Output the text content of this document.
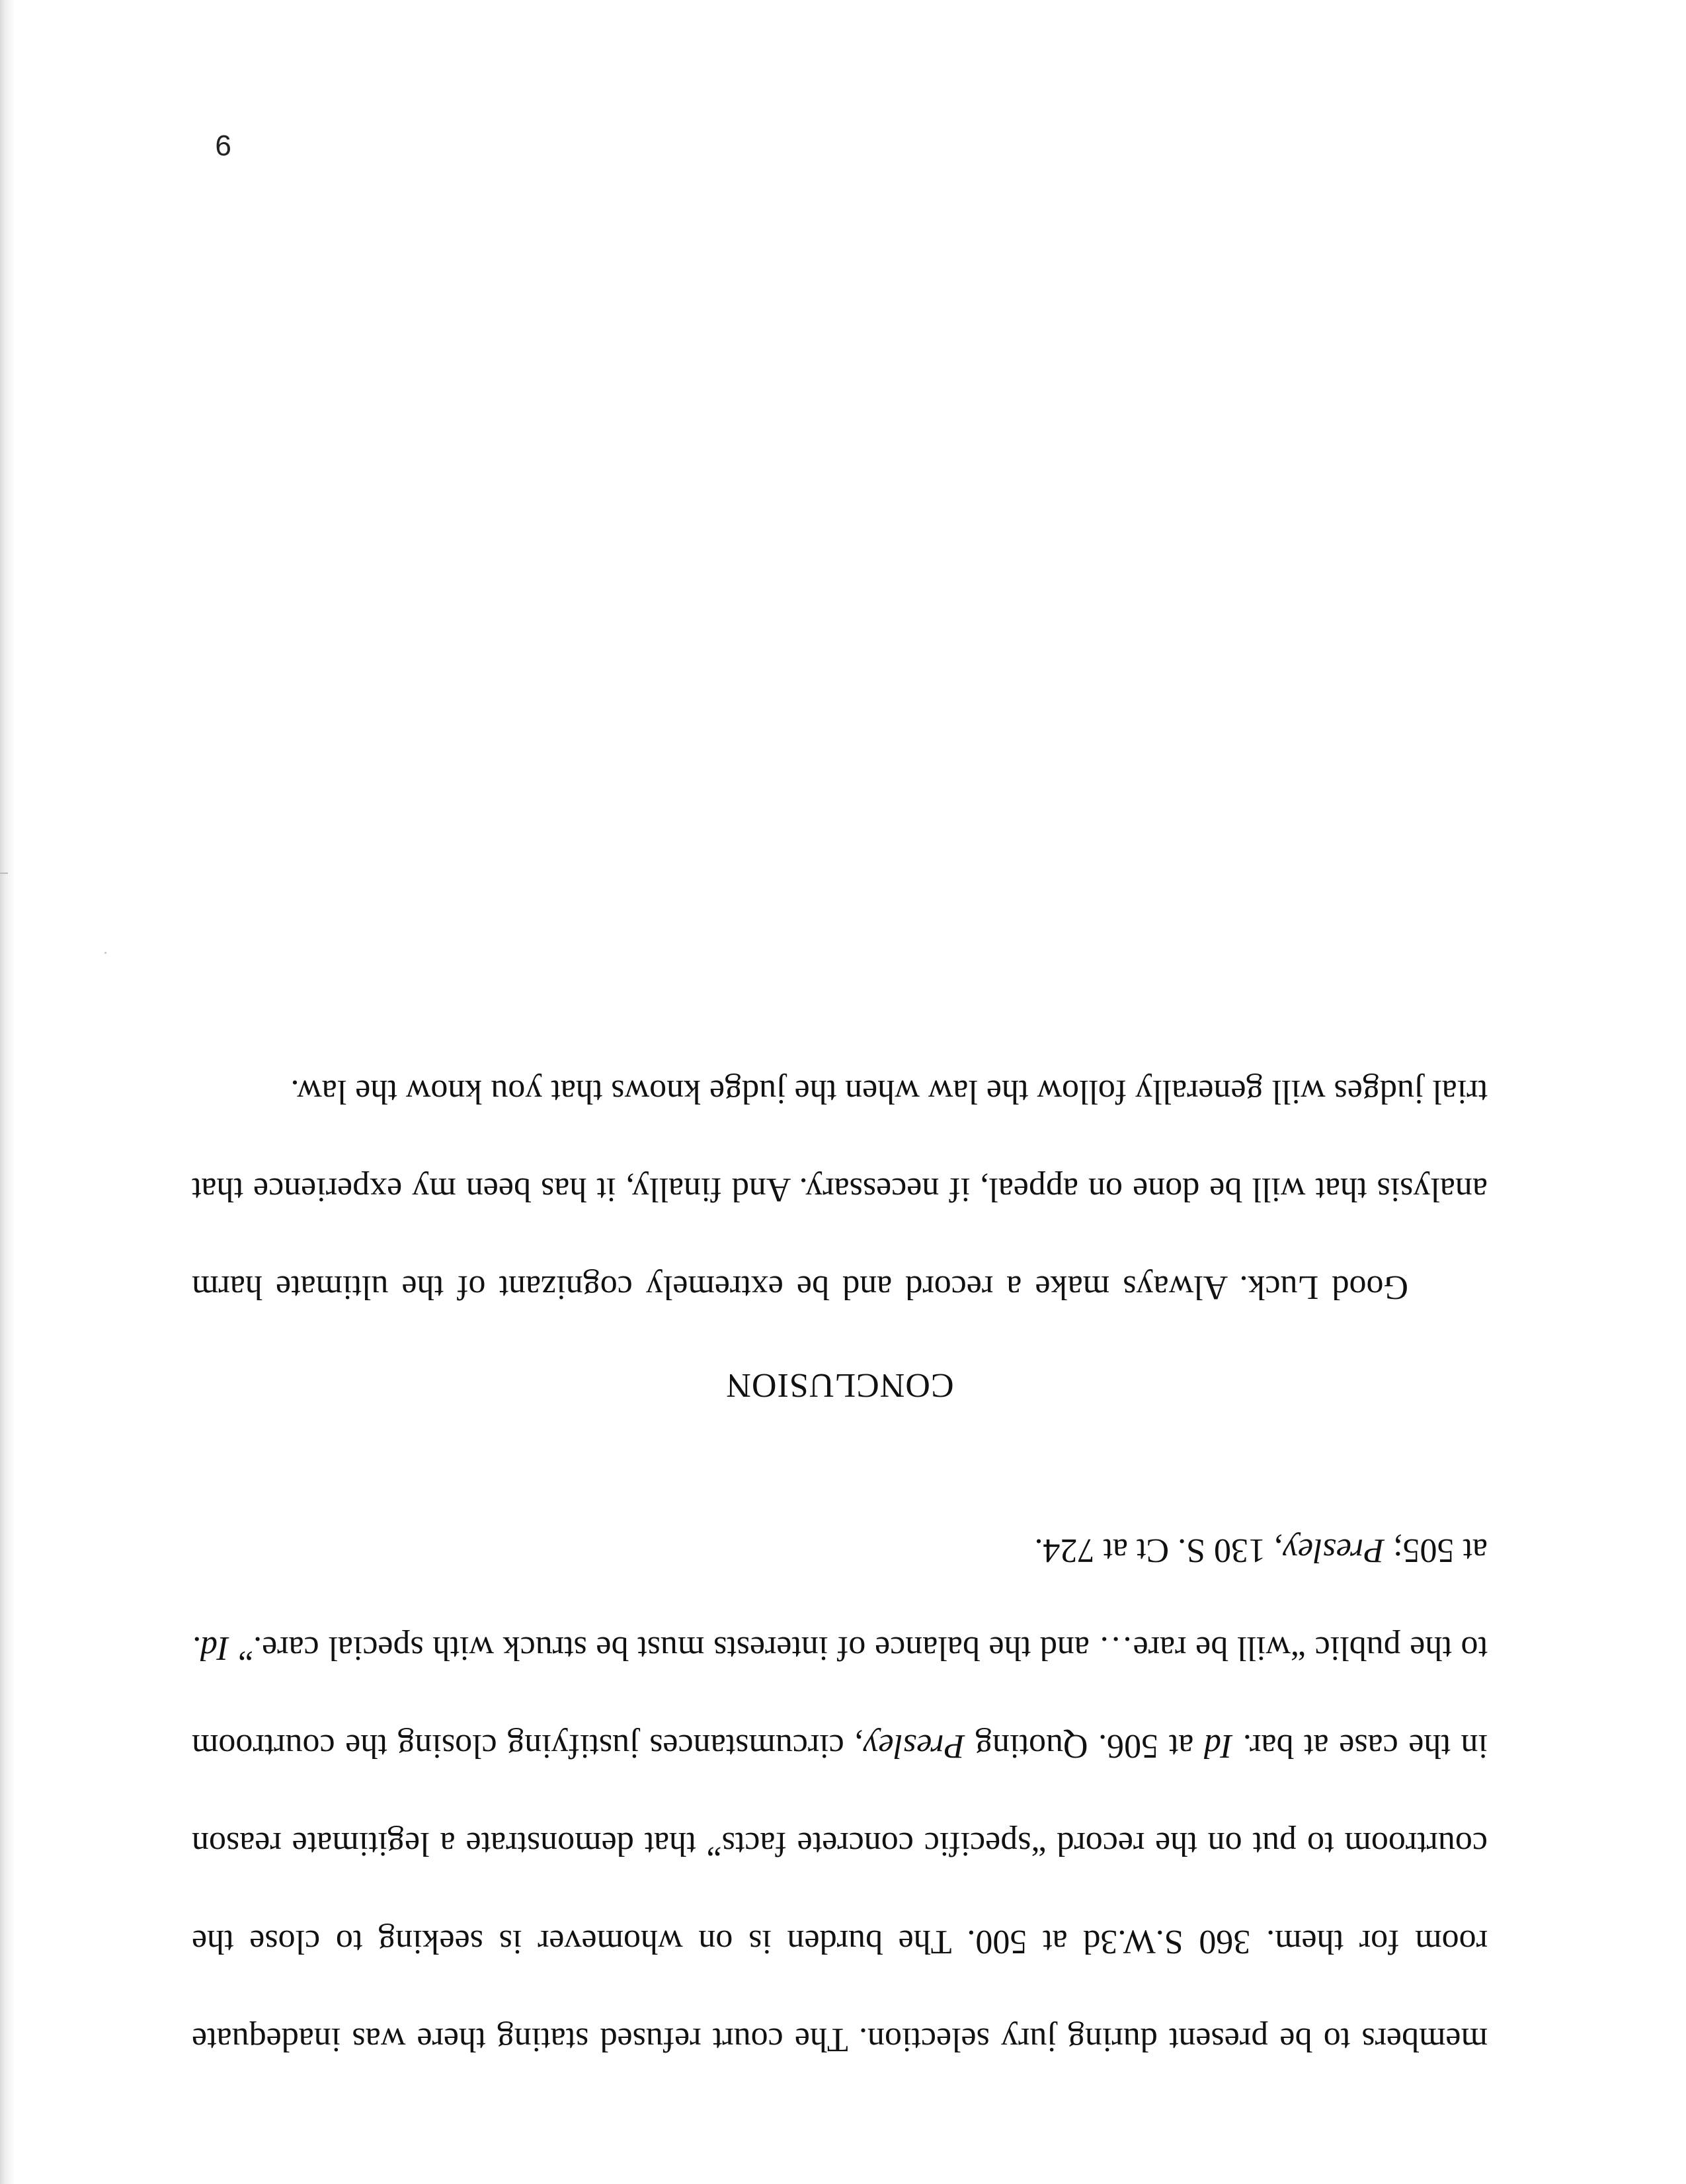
members to be present during jury selection. The court refused stating there was inadequate room for them. 360 S.W.3d at 500. The burden is on whomever is seeking to close the courtroom to put on the record “specific concrete facts” that demonstrate a legitimate reason in the case at bar. Id at 506. Quoting Presley, circumstances justifying closing the courtroom to the public “will be rare… and the balance of interests must be struck with special care.” Id. at 505; Presley, 130 S. Ct at 724.

CONCLUSION

Good Luck. Always make a record and be extremely cognizant of the ultimate harm analysis that will be done on appeal, if necessary. And finally, it has been my experience that trial judges will generally follow the law when the judge knows that you know the law.

9
